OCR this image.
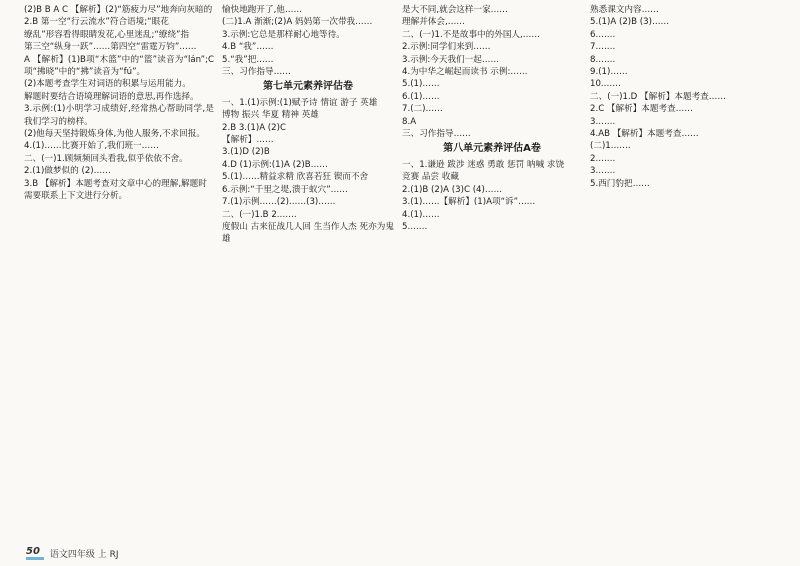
(2)B B A C 【解析】(2)“筋疲力尽”地奔向灰暗的

2.B 第一空“行云流水”符合语境;“眼花

缭乱”形容看得眼睛发花,心里迷乱;“缭绕”指

第三空“纵身一跃”……第四空“雷霆万钧”……

A 【解析】(1)B项“木篮”中的“篮”读音为“lán”;C项“拂晓”中的“拂”读音为“fú”。

(2)本题考查学生对词语的积累与运用能力。

解题时要结合语境理解词语的意思,再作选择。

3.示例:(1)小明学习成绩好,经常热心帮助同学,是我们学习的榜样。

(2)他每天坚持锻炼身体,为他人服务,不求回报。

4.(1)……比赛开始了,我们班一……

二、(一)1.顾频频回头看我,似乎依依不舍。

2.(1)做梦似的 (2)……

3.B 【解析】本题考查对文章中心的理解,解题时

需要联系上下文进行分析。

愉快地跑开了,他……

(二)1.A 渐渐;(2)A 妈妈第一次带我……

3.示例:它总是那样耐心地等待。

4.B “我”……

5.“我”把……

三、习作指导……

第七单元素养评估卷

一、1.(1)示例:(1)赋予诗 情谊 游子 英雄

博物 振兴 华夏 精神 英雄

2.B 3.(1)A (2)C

【解析】……

3.(1)D (2)B

4.D (1)示例:(1)A (2)B……

5.(1)……精益求精 欣喜若狂 锲而不舍

6.示例:“千里之堤,溃于蚁穴”……

7.(1)示例……(2)……(3)……

二、(一)1.B 2.……

度假山 古来征战几人回 生当作人杰 死亦为鬼雄

是大不同,就会这样一家……

理解并体会,……

二、(一)1.不是故事中的外国人,……

2.示例:同学们来到……

3.示例:今天我们一起……

4.为中华之崛起而读书 示例:……

5.(1)……

6.(1)……

7.(二)……

8.A

三、习作指导……

第八单元素养评估A卷

一、1.谦逊 跋涉 迷惑 勇敢 惩罚 呐喊 求饶

竞赛 品尝 收藏

2.(1)B (2)A (3)C (4)……

3.(1)……【解析】(1)A项“诉”……

4.(1)……

5.……

熟悉课文内容……

5.(1)A (2)B (3)……

6.……

7.……

8.……

9.(1)……

10.……

二、(一)1.D 【解析】本题考查……

2.C 【解析】本题考查……

3.……

4.AB 【解析】本题考查……

(二)1.……

2.……

3.……

5.西门豹把……

50	语文四年级 上 RJ
